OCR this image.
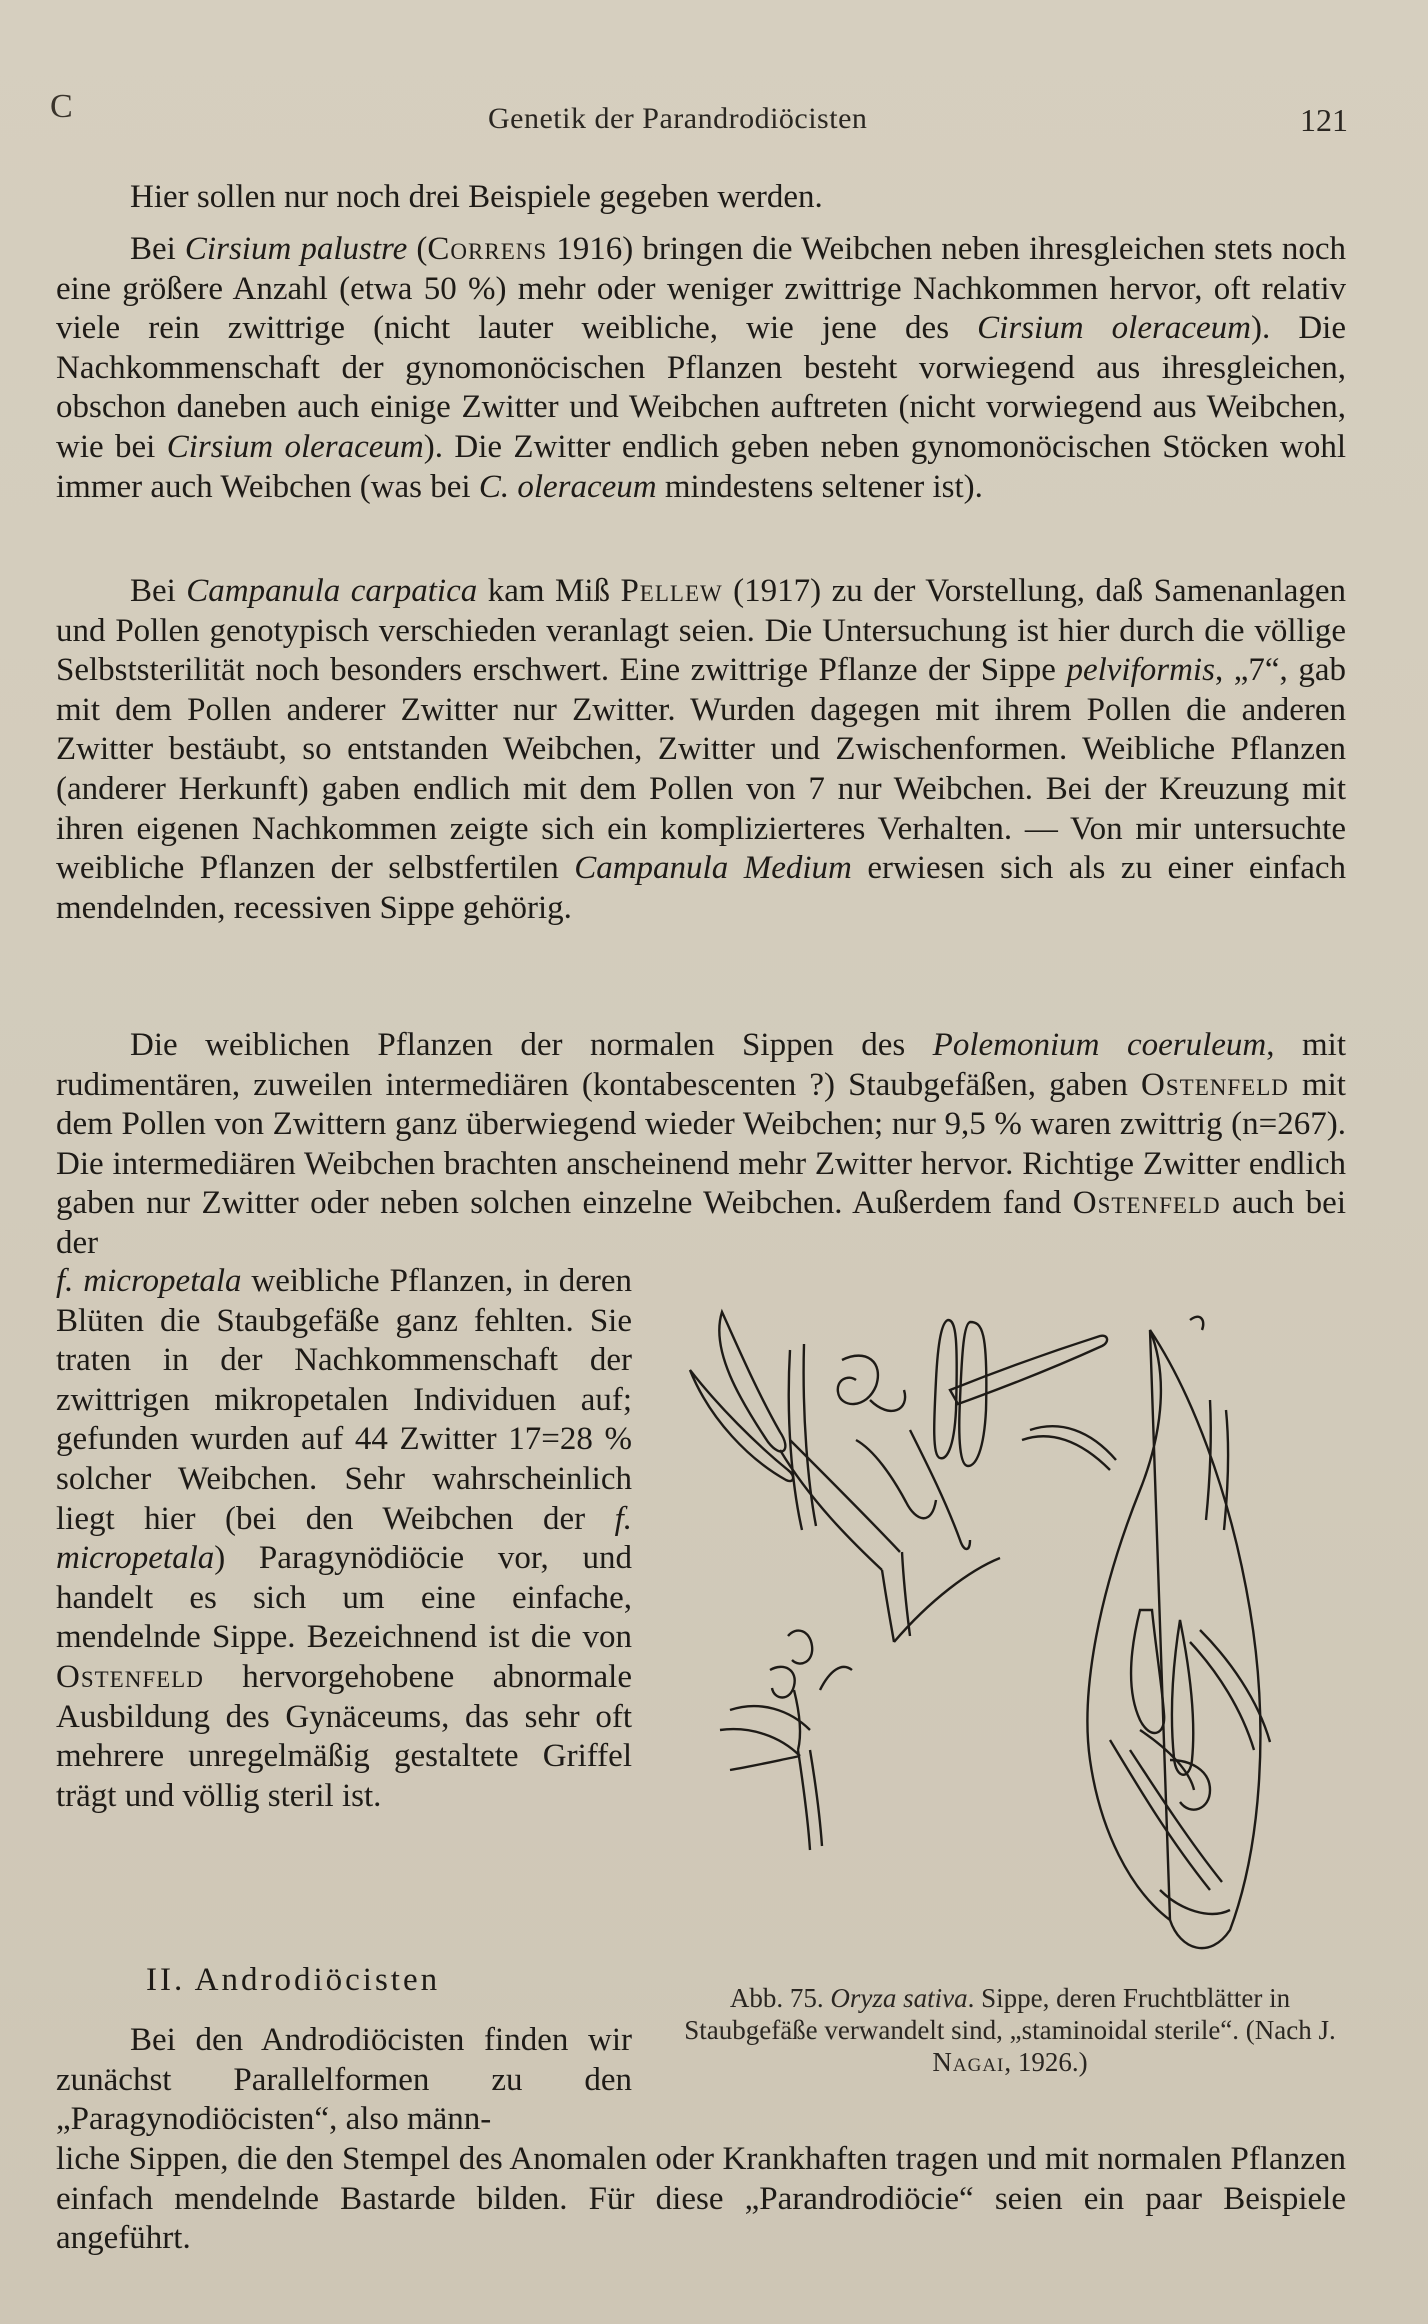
C	Genetik der Parandrodiöcisten	121

Hier sollen nur noch drei Beispiele gegeben werden.

Bei Cirsium palustre (Correns 1916) bringen die Weibchen neben ihresgleichen stets noch eine größere Anzahl (etwa 50 %) mehr oder weniger zwittrige Nachkommen hervor, oft relativ viele rein zwittrige (nicht lauter weibliche, wie jene des Cirsium oleraceum). Die Nachkommenschaft der gynomonöcischen Pflanzen besteht vorwiegend aus ihresgleichen, obschon daneben auch einige Zwitter und Weibchen auftreten (nicht vorwiegend aus Weibchen, wie bei Cirsium oleraceum). Die Zwitter endlich geben neben gynomonöcischen Stöcken wohl immer auch Weibchen (was bei C. oleraceum mindestens seltener ist).

Bei Campanula carpatica kam Miß Pellew (1917) zu der Vorstellung, daß Samenanlagen und Pollen genotypisch verschieden veranlagt seien. Die Untersuchung ist hier durch die völlige Selbststerilität noch besonders erschwert. Eine zwittrige Pflanze der Sippe pelviformis, „7“, gab mit dem Pollen anderer Zwitter nur Zwitter. Wurden dagegen mit ihrem Pollen die anderen Zwitter bestäubt, so entstanden Weibchen, Zwitter und Zwischenformen. Weibliche Pflanzen (anderer Herkunft) gaben endlich mit dem Pollen von 7 nur Weibchen. Bei der Kreuzung mit ihren eigenen Nachkommen zeigte sich ein komplizierteres Verhalten. — Von mir untersuchte weibliche Pflanzen der selbstfertilen Campanula Medium erwiesen sich als zu einer einfach mendelnden, recessiven Sippe gehörig.

Die weiblichen Pflanzen der normalen Sippen des Polemonium coeruleum, mit rudimentären, zuweilen intermediären (kontabescenten ?) Staubgefäßen, gaben Ostenfeld mit dem Pollen von Zwittern ganz überwiegend wieder Weibchen; nur 9,5 % waren zwittrig (n=267). Die intermediären Weibchen brachten anscheinend mehr Zwitter hervor. Richtige Zwitter endlich gaben nur Zwitter oder neben solchen einzelne Weibchen. Außerdem fand Ostenfeld auch bei der

f. micropetala weibliche Pflanzen, in deren Blüten die Staubgefäße ganz fehlten. Sie traten in der Nachkommenschaft der zwittrigen mikropetalen Individuen auf; gefunden wurden auf 44 Zwitter 17=28 % solcher Weibchen. Sehr wahrscheinlich liegt hier (bei den Weibchen der f. micropetala) Paragynödiöcie vor, und handelt es sich um eine einfache, mendelnde Sippe. Bezeichnend ist die von Ostenfeld hervorgehobene abnormale Ausbildung des Gynäceums, das sehr oft mehrere unregelmäßig gestaltete Griffel trägt und völlig steril ist.

II. Androdiöcisten

Bei den Androdiöcisten finden wir zunächst Parallelformen zu den „Paragynodiöcisten“, also männ-

liche Sippen, die den Stempel des Anomalen oder Krankhaften tragen und mit normalen Pflanzen einfach mendelnde Bastarde bilden. Für diese „Parandrodiöcie“ seien ein paar Beispiele angeführt.

Abb. 75. Oryza sativa. Sippe, deren Fruchtblätter in Staubgefäße verwandelt sind, „staminoidal sterile“. (Nach J. Nagai, 1926.)
